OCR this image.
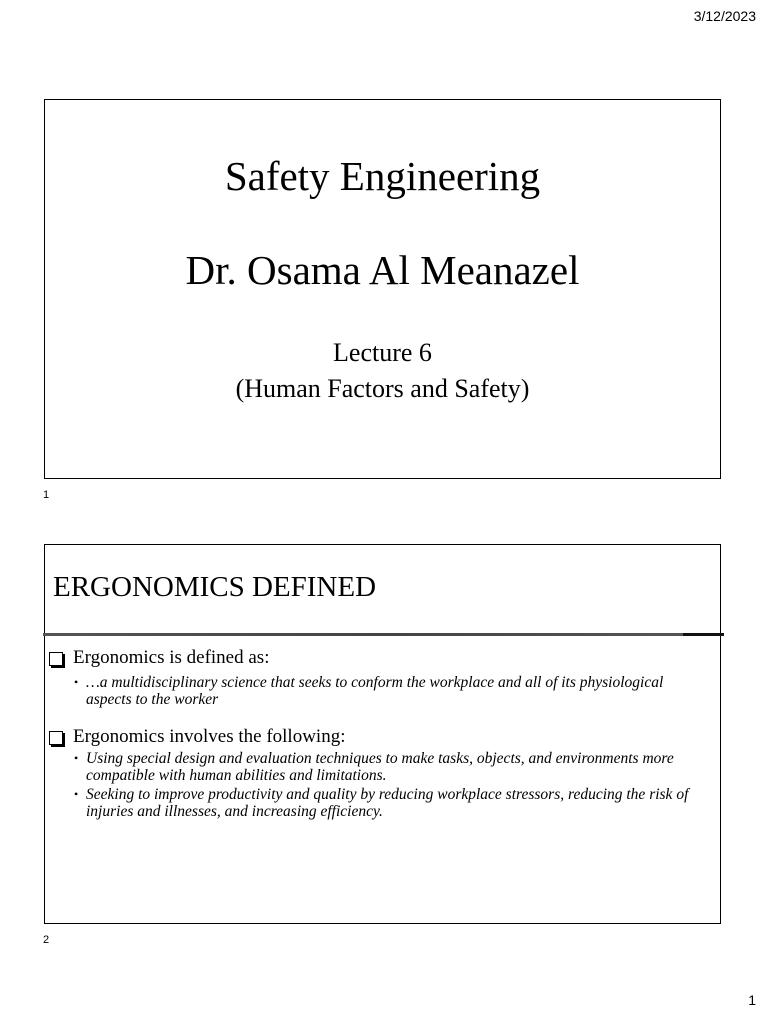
3/12/2023
Safety Engineering
Dr. Osama Al Meanazel
Lecture 6
(Human Factors and Safety)
1
ERGONOMICS DEFINED
Ergonomics is defined as:
• …a multidisciplinary science that seeks to conform the workplace and all of its physiological aspects to the worker
Ergonomics involves the following:
• Using special design and evaluation techniques to make tasks, objects, and environments more compatible with human abilities and limitations.
• Seeking to improve productivity and quality by reducing workplace stressors, reducing the risk of injuries and illnesses, and increasing efficiency.
2
1
